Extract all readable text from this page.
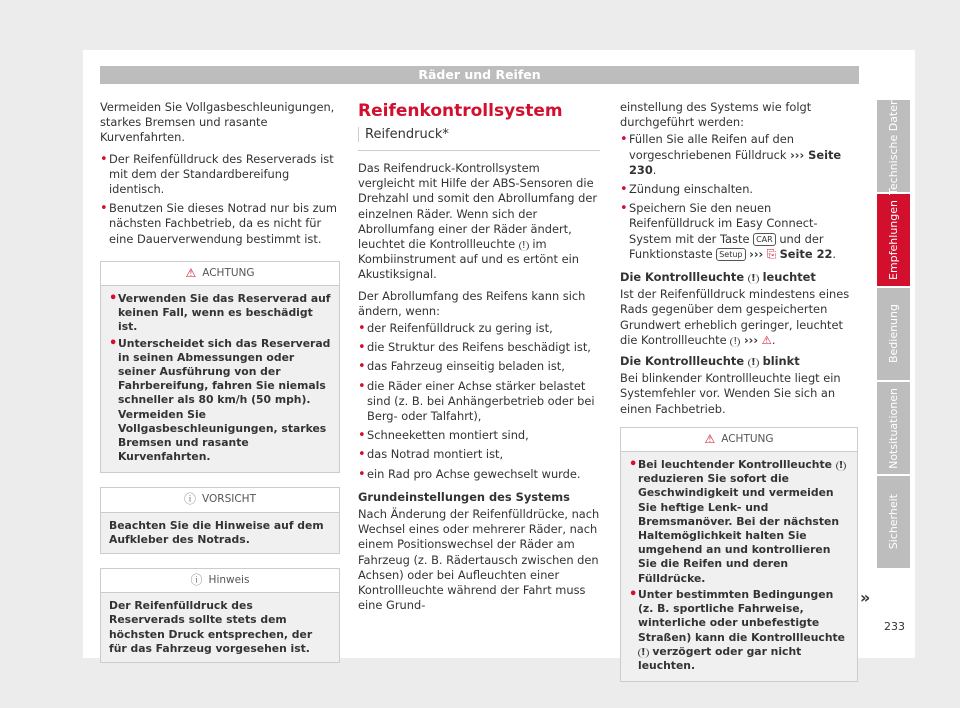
Räder und Reifen

Vermeiden Sie Vollgasbeschleunigungen, starkes Bremsen und rasante Kurvenfahrten.

• Der Reifenfülldruck des Reserverads ist mit dem der Standardbereifung identisch.
• Benutzen Sie dieses Notrad nur bis zum nächsten Fachbetrieb, da es nicht für eine Dauerverwendung bestimmt ist.
⚠ ACHTUNG
• Verwenden Sie das Reserverad auf keinen Fall, wenn es beschädigt ist.
• Unterscheidet sich das Reserverad in seinen Abmessungen oder seiner Ausführung von der Fahrbereifung, fahren Sie niemals schneller als 80 km/h (50 mph). Vermeiden Sie Vollgasbeschleunigungen, starkes Bremsen und rasante Kurvenfahrten.
ⓘ VORSICHT
Beachten Sie die Hinweise auf dem Aufkleber des Notrads.
ⓘ Hinweis
Der Reifenfülldruck des Reserverads sollte stets dem höchsten Druck entsprechen, der für das Fahrzeug vorgesehen ist.
Reifenkontrollsystem
Reifendruck*

Das Reifendruck-Kontrollsystem vergleicht mit Hilfe der ABS-Sensoren die Drehzahl und somit den Abrollumfang der einzelnen Räder. Wenn sich der Abrollumfang einer der Räder ändert, leuchtet die Kontrollleuchte ! im Kombiinstrument auf und es ertönt ein Akustiksignal.

Der Abrollumfang des Reifens kann sich ändern, wenn:

• der Reifenfülldruck zu gering ist,
• die Struktur des Reifens beschädigt ist,
• das Fahrzeug einseitig beladen ist,
• die Räder einer Achse stärker belastet sind (z. B. bei Anhängerbetrieb oder bei Berg- oder Talfahrt),
• Schneeketten montiert sind,
• das Notrad montiert ist,
• ein Rad pro Achse gewechselt wurde.

Grundeinstellungen des Systems

Nach Änderung der Reifenfülldrücke, nach Wechsel eines oder mehrerer Räder, nach einem Positionswechsel der Räder am Fahrzeug (z. B. Rädertausch zwischen den Achsen) oder bei Aufleuchten einer Kontrollleuchte während der Fahrt muss eine Grund-

einstellung des Systems wie folgt durchgeführt werden:

• Füllen Sie alle Reifen auf den vorgeschriebenen Fülldruck ››› Seite 230.
• Zündung einschalten.
• Speichern Sie den neuen Reifenfülldruck im Easy Connect-System mit der Taste CAR und der Funktionstaste Setup ››› ⎘ Seite 22.

Die Kontrollleuchte ! leuchtet

Ist der Reifenfülldruck mindestens eines Rads gegenüber dem gespeicherten Grundwert erheblich geringer, leuchtet die Kontrollleuchte ! ››› ⚠.

Die Kontrollleuchte ! blinkt

Bei blinkender Kontrollleuchte liegt ein Systemfehler vor. Wenden Sie sich an einen Fachbetrieb.

⚠ ACHTUNG
• Bei leuchtender Kontrollleuchte ! reduzieren Sie sofort die Geschwindigkeit und vermeiden Sie heftige Lenk- und Bremsmanöver. Bei der nächsten Haltemöglichkeit halten Sie umgehend an und kontrollieren Sie die Reifen und deren Fülldrücke.
• Unter bestimmten Bedingungen (z. B. sportliche Fahrweise, winterliche oder unbefestigte Straßen) kann die Kontrollleuchte ! verzögert oder gar nicht leuchten.
»
Technische Daten
Empfehlungen
Bedienung
Notsituationen
Sicherheit
233
